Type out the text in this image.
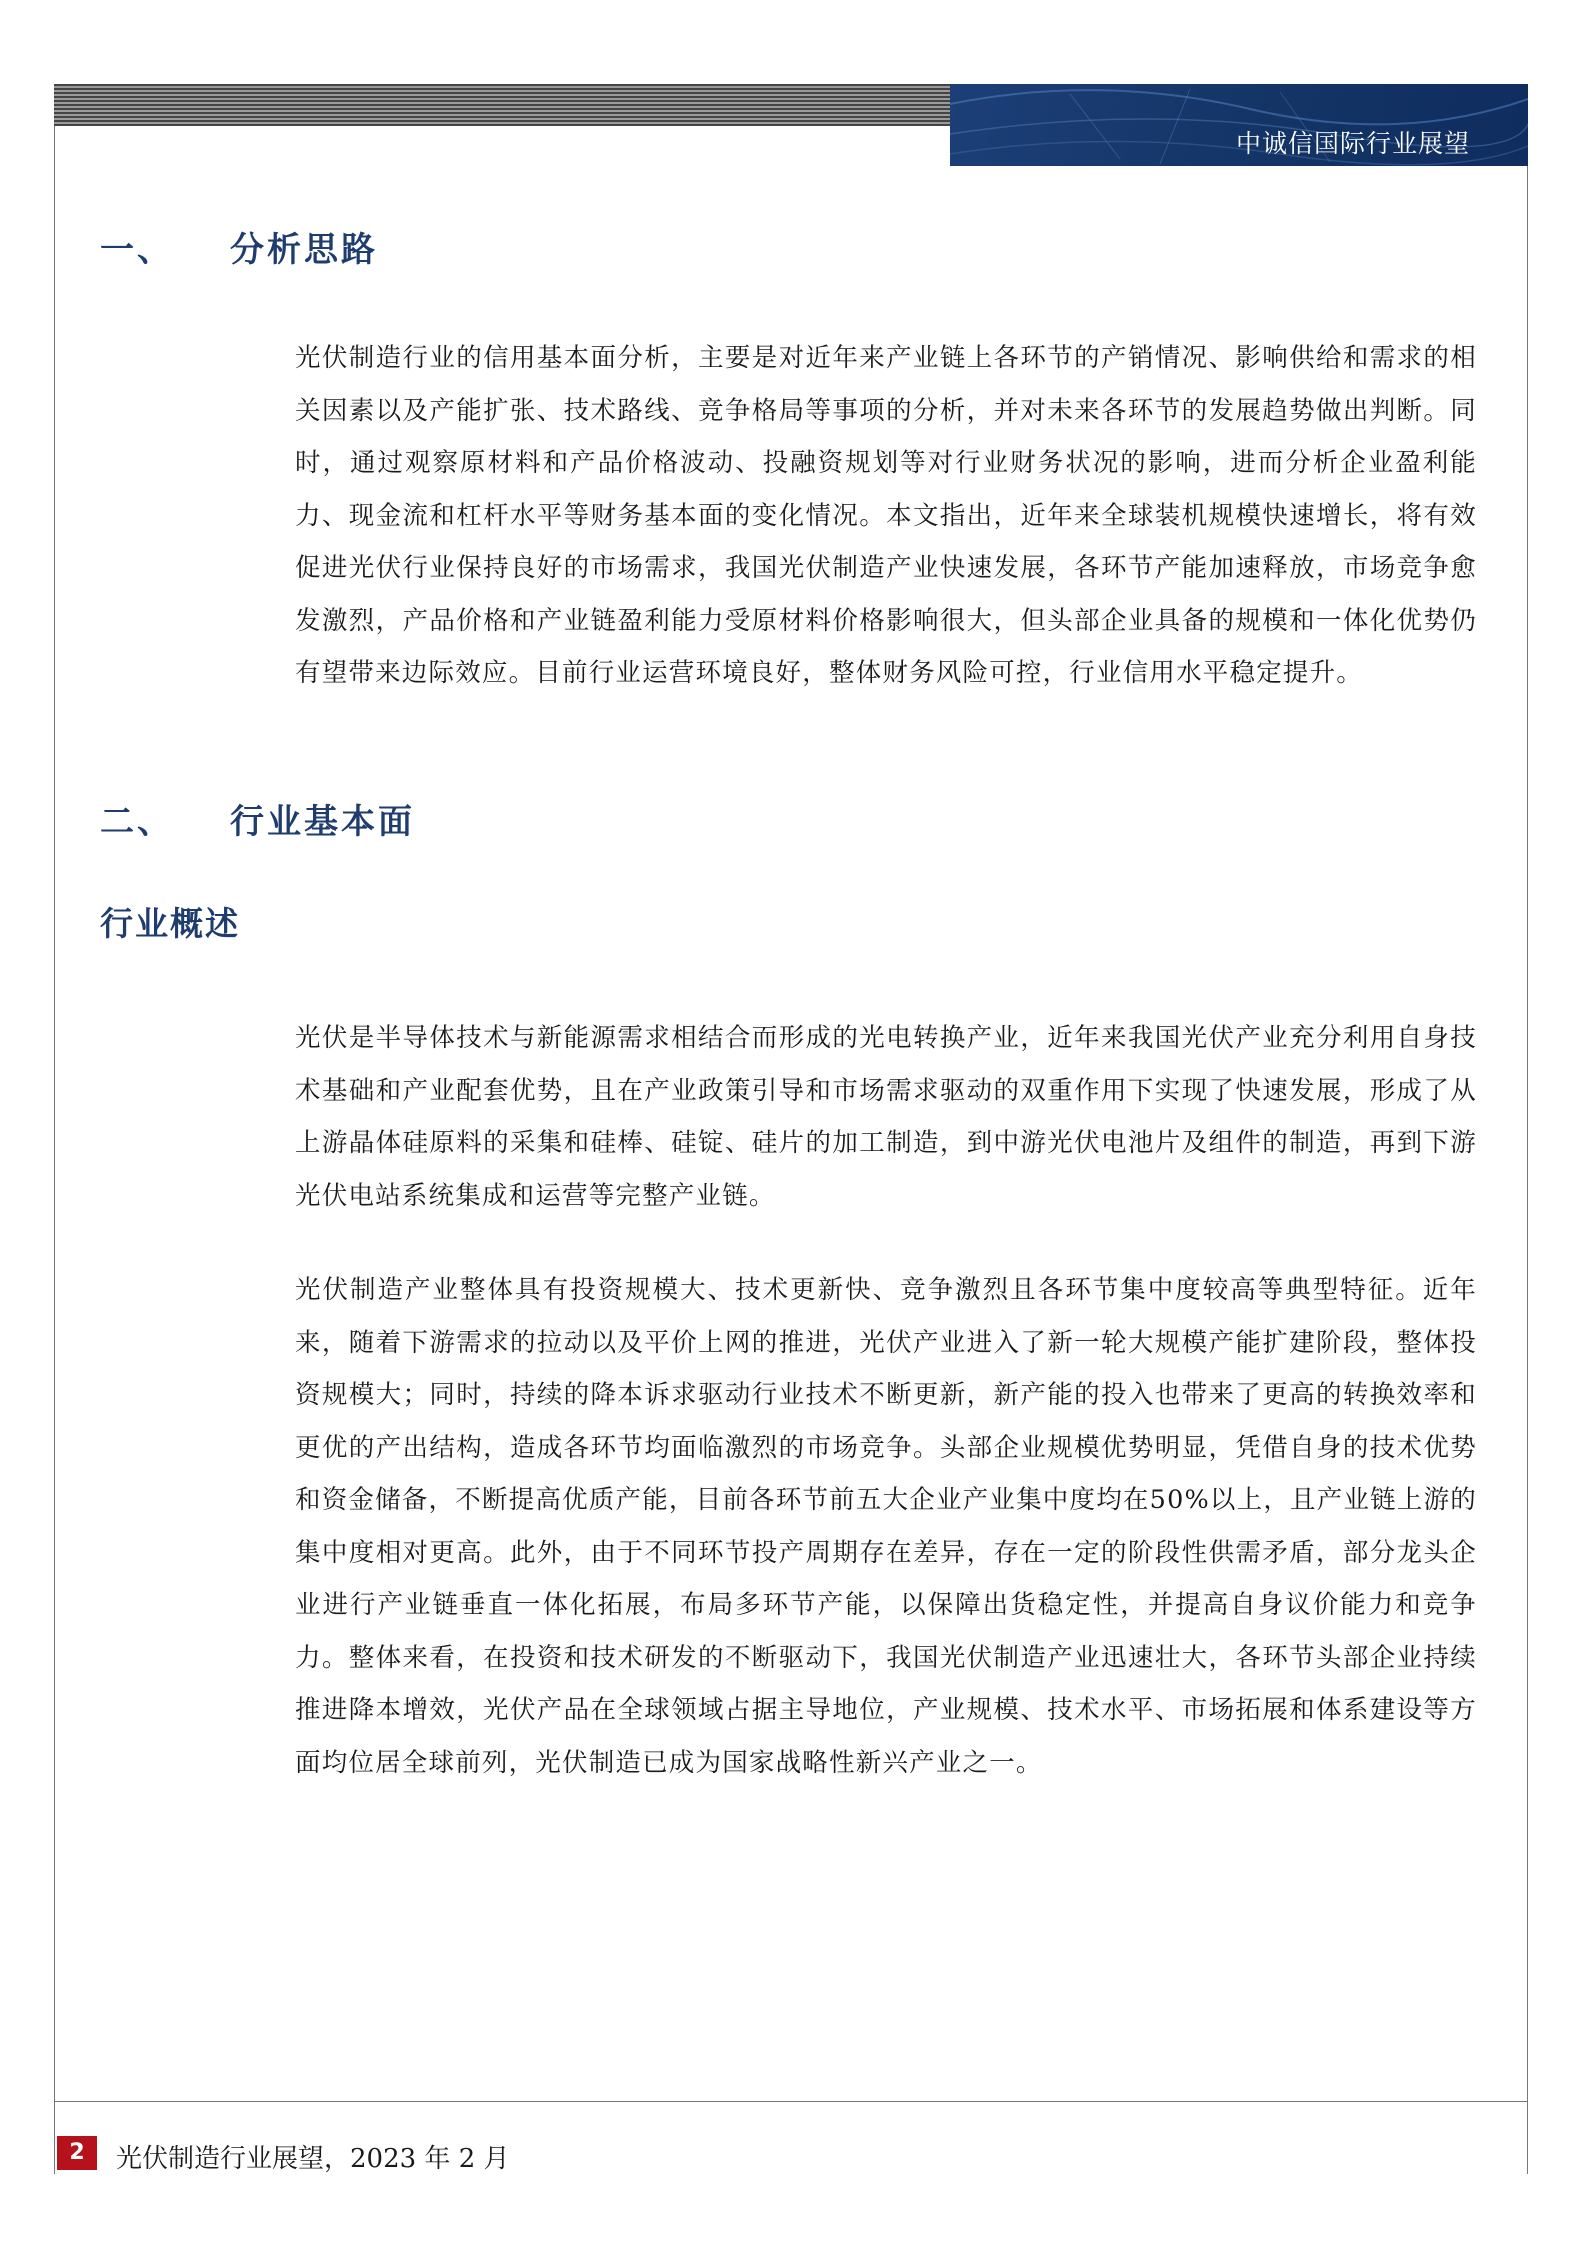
中诚信国际行业展望
一、 分析思路

光伏制造行业的信用基本面分析，主要是对近年来产业链上各环节的产销情况、影响供给和需求的相关因素以及产能扩张、技术路线、竞争格局等事项的分析，并对未来各环节的发展趋势做出判断。同时，通过观察原材料和产品价格波动、投融资规划等对行业财务状况的影响，进而分析企业盈利能力、现金流和杠杆水平等财务基本面的变化情况。本文指出，近年来全球装机规模快速增长，将有效促进光伏行业保持良好的市场需求，我国光伏制造产业快速发展，各环节产能加速释放，市场竞争愈发激烈，产品价格和产业链盈利能力受原材料价格影响很大，但头部企业具备的规模和一体化优势仍有望带来边际效应。目前行业运营环境良好，整体财务风险可控，行业信用水平稳定提升。

二、 行业基本面
行业概述

光伏是半导体技术与新能源需求相结合而形成的光电转换产业，近年来我国光伏产业充分利用自身技术基础和产业配套优势，且在产业政策引导和市场需求驱动的双重作用下实现了快速发展，形成了从上游晶体硅原料的采集和硅棒、硅锭、硅片的加工制造，到中游光伏电池片及组件的制造，再到下游光伏电站系统集成和运营等完整产业链。

光伏制造产业整体具有投资规模大、技术更新快、竞争激烈且各环节集中度较高等典型特征。近年来，随着下游需求的拉动以及平价上网的推进，光伏产业进入了新一轮大规模产能扩建阶段，整体投资规模大；同时，持续的降本诉求驱动行业技术不断更新，新产能的投入也带来了更高的转换效率和更优的产出结构，造成各环节均面临激烈的市场竞争。头部企业规模优势明显，凭借自身的技术优势和资金储备，不断提高优质产能，目前各环节前五大企业产业集中度均在50%以上，且产业链上游的集中度相对更高。此外，由于不同环节投产周期存在差异，存在一定的阶段性供需矛盾，部分龙头企业进行产业链垂直一体化拓展，布局多环节产能，以保障出货稳定性，并提高自身议价能力和竞争力。整体来看，在投资和技术研发的不断驱动下，我国光伏制造产业迅速壮大，各环节头部企业持续推进降本增效，光伏产品在全球领域占据主导地位，产业规模、技术水平、市场拓展和体系建设等方面均位居全球前列，光伏制造已成为国家战略性新兴产业之一。

2	光伏制造行业展望，2023 年 2 月
